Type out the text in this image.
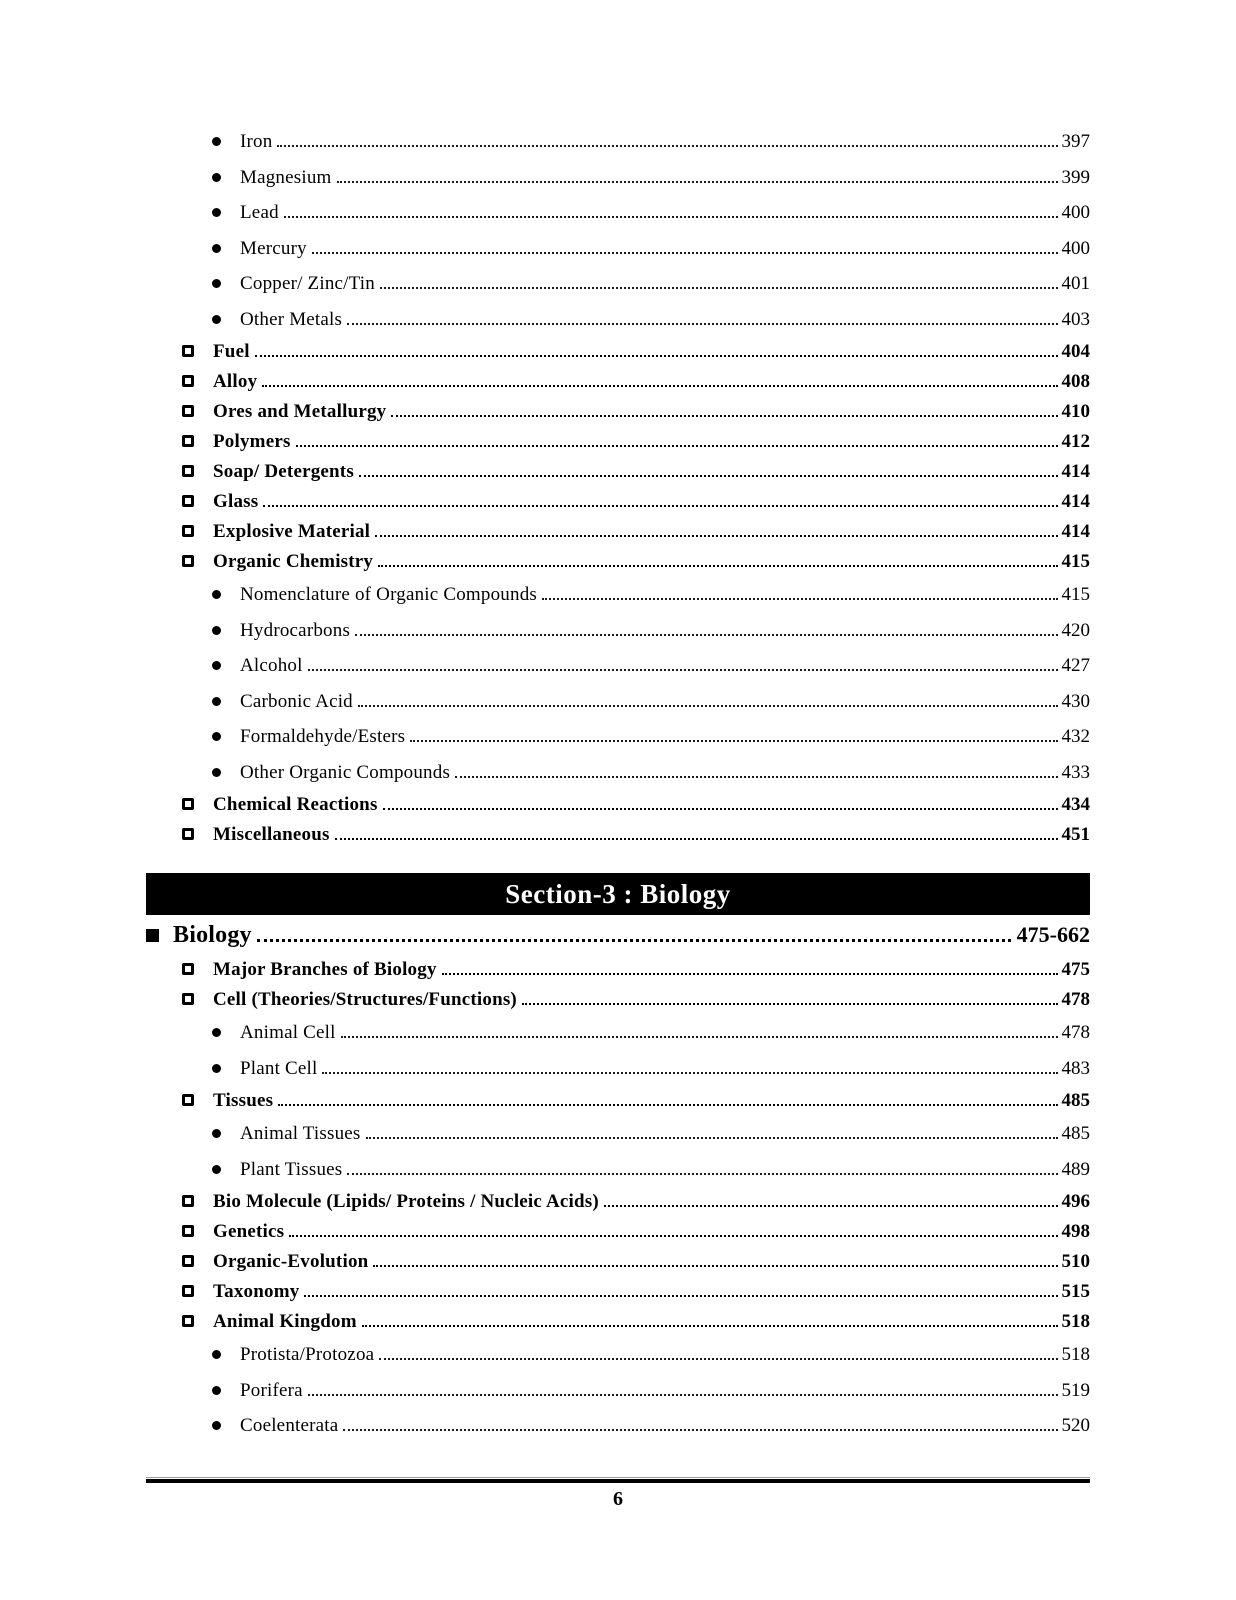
Iron	397
Magnesium	399
Lead	400
Mercury	400
Copper/ Zinc/Tin	401
Other Metals	403
Fuel	404
Alloy	408
Ores and Metallurgy	410
Polymers	412
Soap/ Detergents	414
Glass	414
Explosive Material	414
Organic Chemistry	415
Nomenclature of Organic Compounds	415
Hydrocarbons	420
Alcohol	427
Carbonic Acid	430
Formaldehyde/Esters	432
Other Organic Compounds	433
Chemical Reactions	434
Miscellaneous	451
Section-3 : Biology
Biology	475-662
Major Branches of Biology	475
Cell (Theories/Structures/Functions)	478
Animal Cell	478
Plant Cell	483
Tissues	485
Animal Tissues	485
Plant Tissues	489
Bio Molecule (Lipids/ Proteins / Nucleic Acids)	496
Genetics	498
Organic-Evolution	510
Taxonomy	515
Animal Kingdom	518
Protista/Protozoa	518
Porifera	519
Coelenterata	520
6
